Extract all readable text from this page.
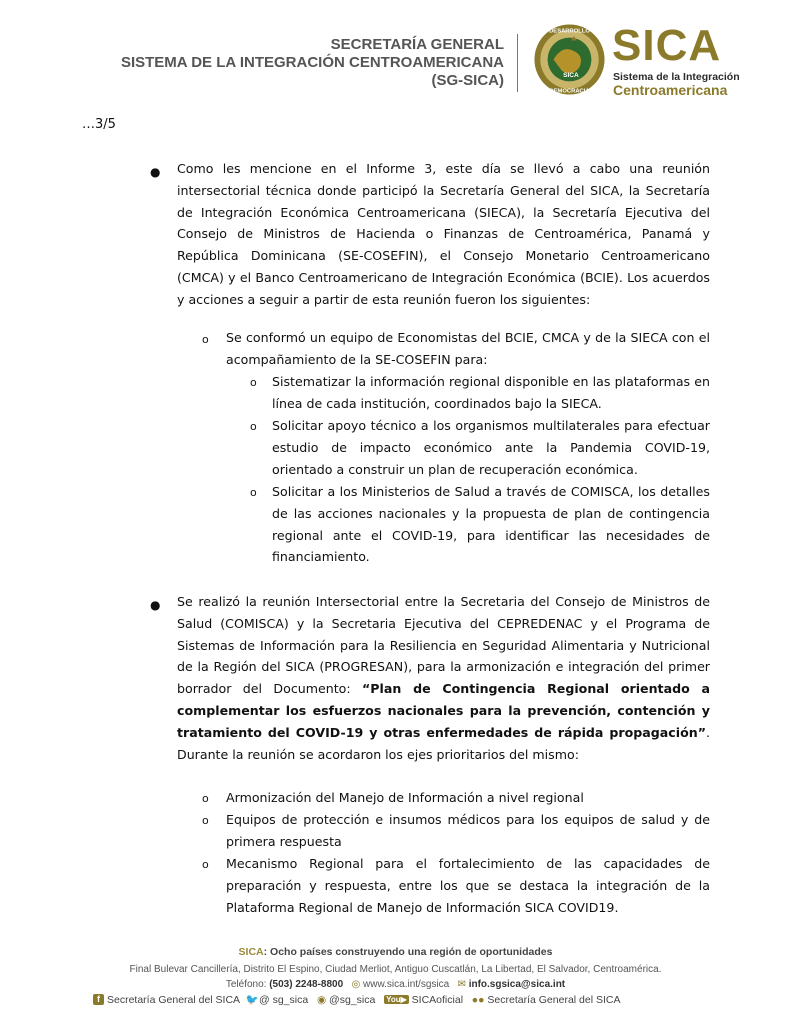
SECRETARÍA GENERAL
SISTEMA DE LA INTEGRACIÓN CENTROAMERICANA
(SG-SICA)
DESARROLLO
DEMOCRACIA
SICA
SICA
Sistema de la Integración
Centroamericana
…3/5
● Como les mencione en el Informe 3, este día se llevó a cabo una reunión intersectorial técnica donde participó la Secretaría General del SICA, la Secretaría de Integración Económica Centroamericana (SIECA), la Secretaría Ejecutiva del Consejo de Ministros de Hacienda o Finanzas de Centroamérica, Panamá y República Dominicana (SE-COSEFIN), el Consejo Monetario Centroamericano (CMCA) y el Banco Centroamericano de Integración Económica (BCIE). Los acuerdos y acciones a seguir a partir de esta reunión fueron los siguientes:
o Se conformó un equipo de Economistas del BCIE, CMCA y de la SIECA con el acompañamiento de la SE-COSEFIN para:
o Sistematizar la información regional disponible en las plataformas en línea de cada institución, coordinados bajo la SIECA.
o Solicitar apoyo técnico a los organismos multilaterales para efectuar estudio de impacto económico ante la Pandemia COVID-19, orientado a construir un plan de recuperación económica.
o Solicitar a los Ministerios de Salud a través de COMISCA, los detalles de las acciones nacionales y la propuesta de plan de contingencia regional ante el COVID-19, para identificar las necesidades de financiamiento.
● Se realizó la reunión Intersectorial entre la Secretaria del Consejo de Ministros de Salud (COMISCA) y la Secretaria Ejecutiva del CEPREDENAC y el Programa de Sistemas de Información para la Resiliencia en Seguridad Alimentaria y Nutricional de la Región del SICA (PROGRESAN), para la armonización e integración del primer borrador del Documento: “Plan de Contingencia Regional orientado a complementar los esfuerzos nacionales para la prevención, contención y tratamiento del COVID-19 y otras enfermedades de rápida propagación”. Durante la reunión se acordaron los ejes prioritarios del mismo:
o Armonización del Manejo de Información a nivel regional
o Equipos de protección e insumos médicos para los equipos de salud y de primera respuesta
o Mecanismo Regional para el fortalecimiento de las capacidades de preparación y respuesta, entre los que se destaca la integración de la Plataforma Regional de Manejo de Información SICA COVID19.
SICA: Ocho países construyendo una región de oportunidades
Final Bulevar Cancillería, Distrito El Espino, Ciudad Merliot, Antiguo Cuscatlán, La Libertad, El Salvador, Centroamérica.
Teléfono: (503) 2248-8800 ◎ www.sica.int/sgsica ✉ info.sgsica@sica.int
f Secretaría General del SICA 🐦@ sg_sica ◉ @sg_sica You▶ SICAoficial ●● Secretaría General del SICA
